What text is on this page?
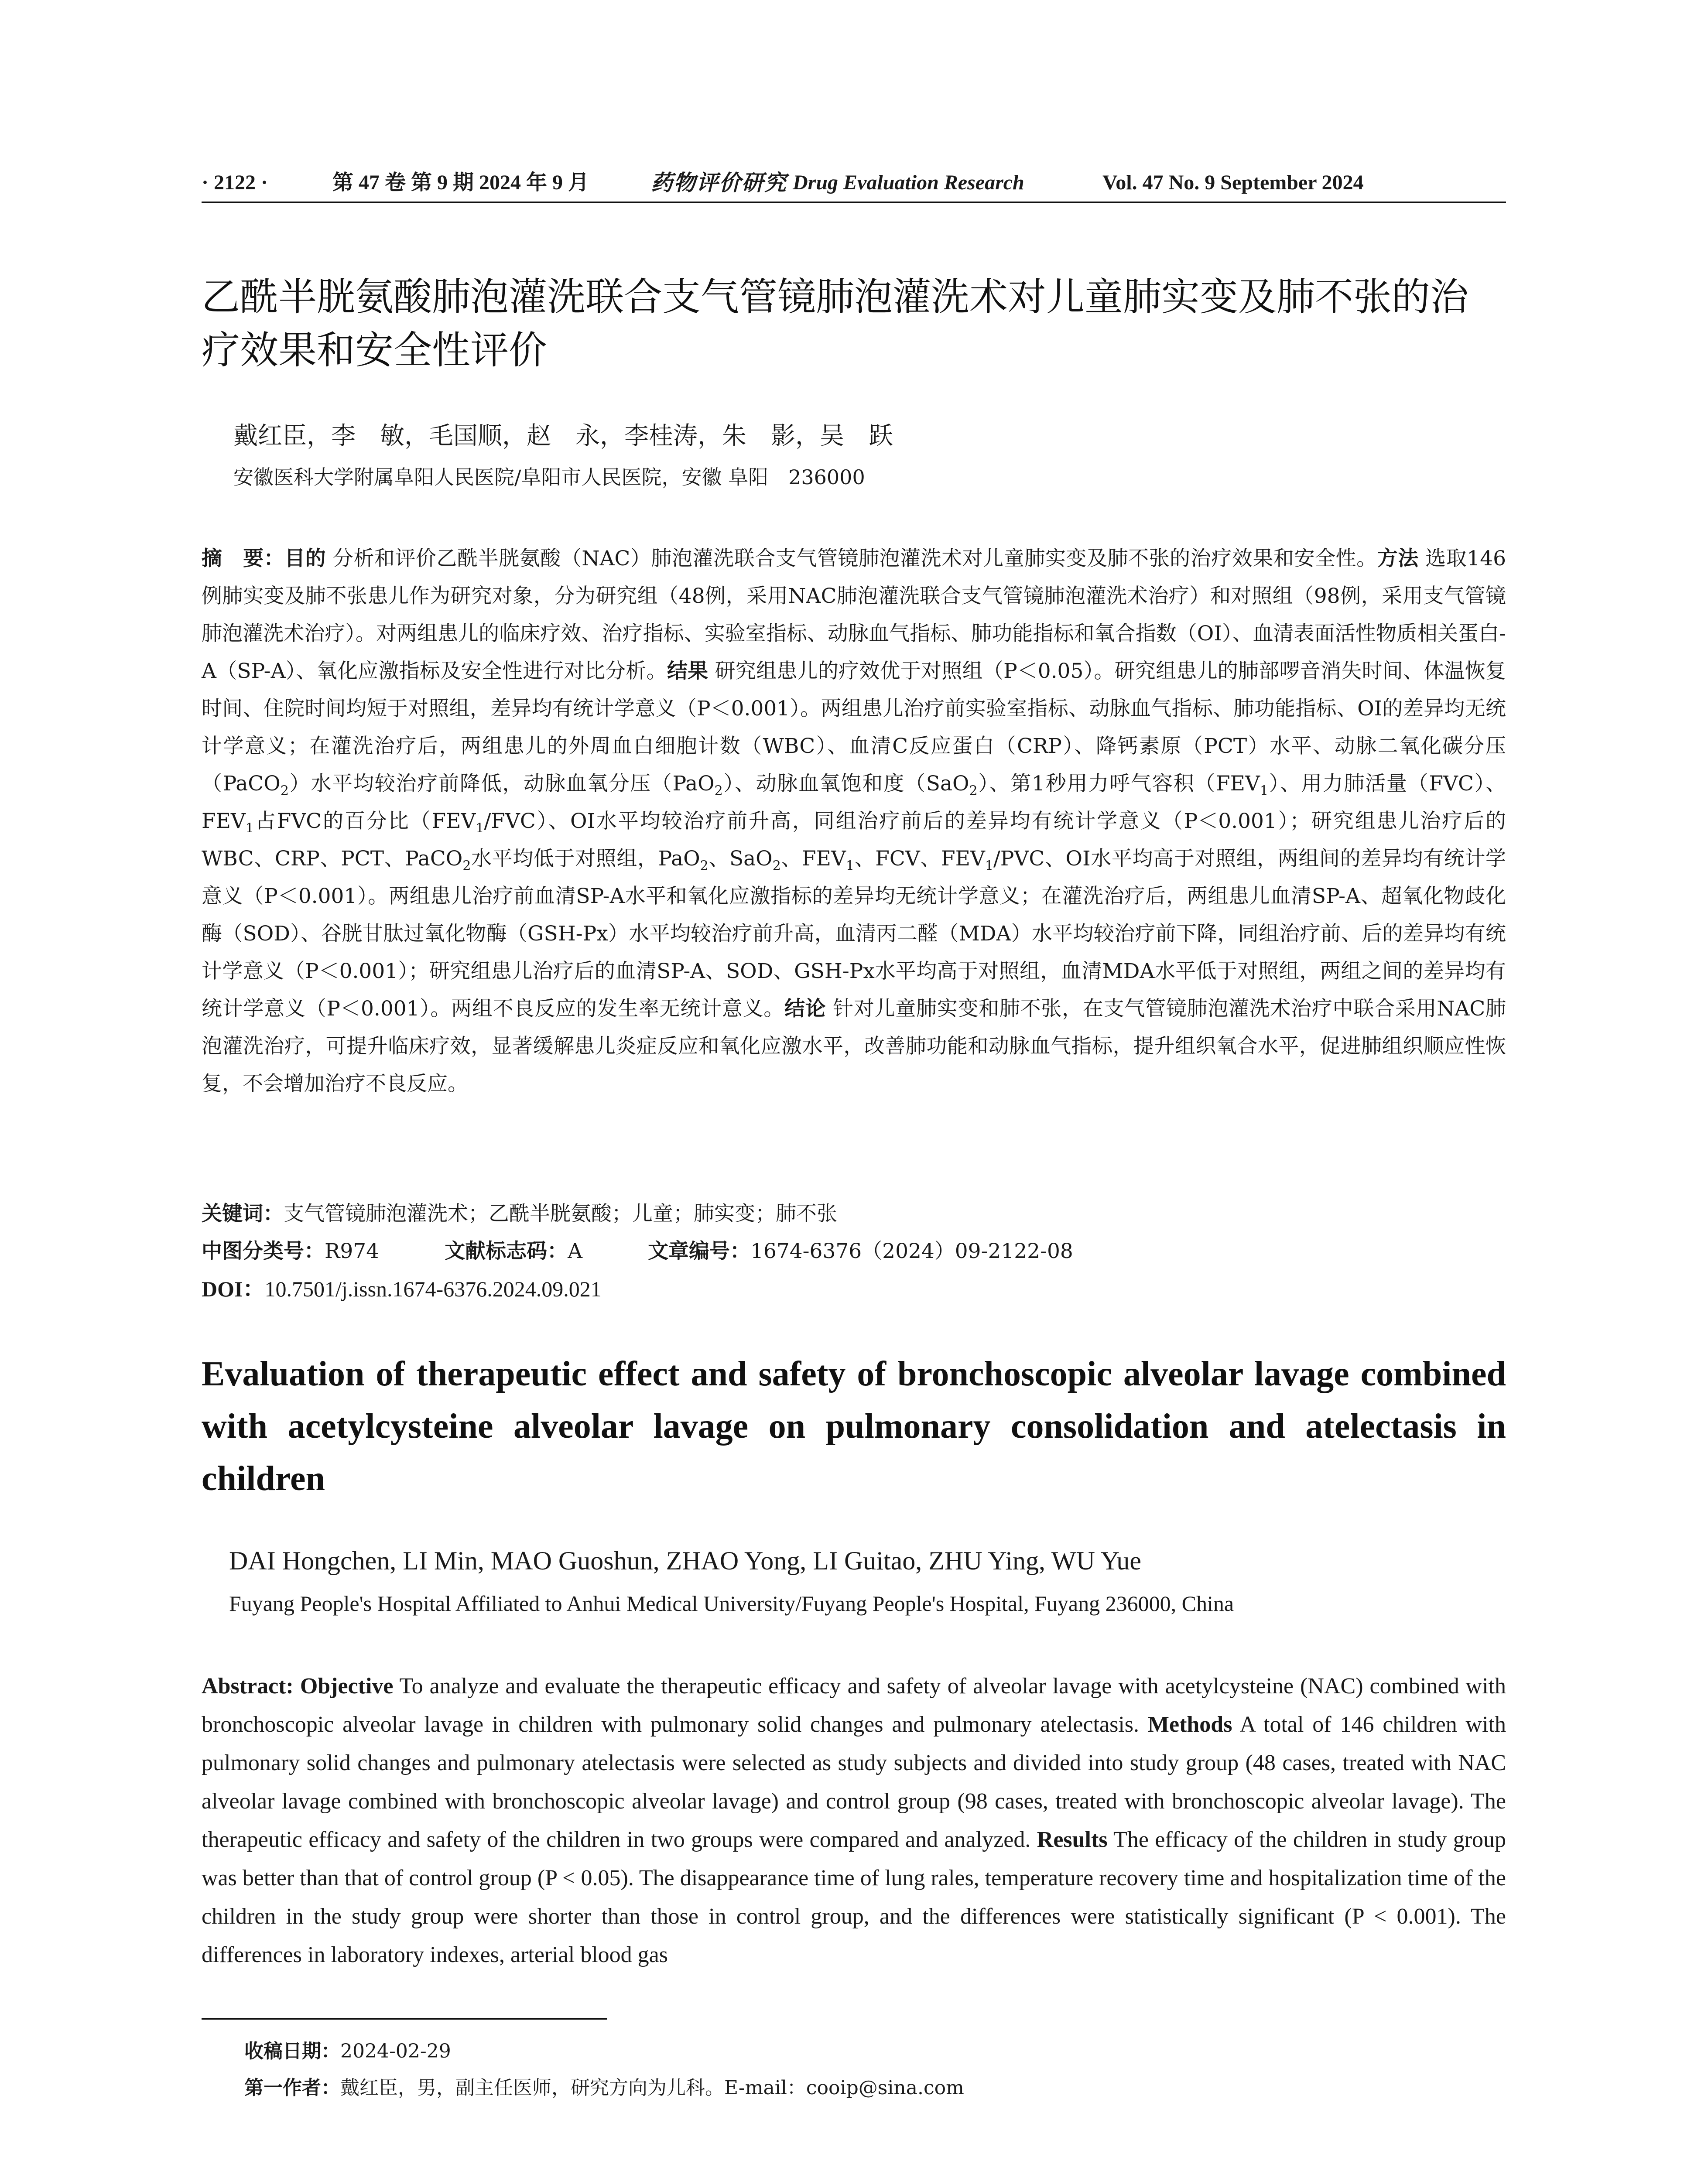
· 2122 ·	第 47 卷 第 9 期 2024 年 9 月	药物评价研究 Drug Evaluation Research	Vol. 47 No. 9 September 2024
乙酰半胱氨酸肺泡灌洗联合支气管镜肺泡灌洗术对儿童肺实变及肺不张的治疗效果和安全性评价
戴红臣，李　敏，毛国顺，赵　永，李桂涛，朱　影，吴　跃
安徽医科大学附属阜阳人民医院/阜阳市人民医院，安徽 阜阳　236000
摘　要：目的 分析和评价乙酰半胱氨酸（NAC）肺泡灌洗联合支气管镜肺泡灌洗术对儿童肺实变及肺不张的治疗效果和安全性。方法 选取146例肺实变及肺不张患儿作为研究对象，分为研究组（48例，采用NAC肺泡灌洗联合支气管镜肺泡灌洗术治疗）和对照组（98例，采用支气管镜肺泡灌洗术治疗）。对两组患儿的临床疗效、治疗指标、实验室指标、动脉血气指标、肺功能指标和氧合指数（OI）、血清表面活性物质相关蛋白-A（SP-A）、氧化应激指标及安全性进行对比分析。结果 研究组患儿的疗效优于对照组（P＜0.05）。研究组患儿的肺部啰音消失时间、体温恢复时间、住院时间均短于对照组，差异均有统计学意义（P＜0.001）。两组患儿治疗前实验室指标、动脉血气指标、肺功能指标、OI的差异均无统计学意义；在灌洗治疗后，两组患儿的外周血白细胞计数（WBC）、血清C反应蛋白（CRP）、降钙素原（PCT）水平、动脉二氧化碳分压（PaCO$_2$）水平均较治疗前降低，动脉血氧分压（PaO$_2$）、动脉血氧饱和度（SaO$_2$）、第1秒用力呼气容积$(FEV_1)$、用力肺活量（FVC）、$FEV_1$占FVC的百分比$(FEV_1/FVC)$、OI水平均较治疗前升高，同组治疗前后的差异均有统计学意义（P＜0.001）；研究组患儿治疗后的WBC、CRP、PCT、PaCO$_2$水平均低于对照组，PaO$_2$、SaO$_2$、$FEV_1$、FCV、$FEV_1$/PVC、OI水平均高于对照组，两组间的差异均有统计学意义（P＜0.001）。两组患儿治疗前血清SP-A水平和氧化应激指标的差异均无统计学意义；在灌洗治疗后，两组患儿血清SP-A、超氧化物歧化酶（SOD）、谷胱甘肽过氧化物酶（GSH-Px）水平均较治疗前升高，血清丙二醛（MDA）水平均较治疗前下降，同组治疗前、后的差异均有统计学意义（P＜0.001）；研究组患儿治疗后的血清SP-A、SOD、GSH-Px水平均高于对照组，血清MDA水平低于对照组，两组之间的差异均有统计学意义（P＜0.001）。两组不良反应的发生率无统计意义。结论 针对儿童肺实变和肺不张，在支气管镜肺泡灌洗术治疗中联合采用NAC肺泡灌洗治疗，可提升临床疗效，显著缓解患儿炎症反应和氧化应激水平，改善肺功能和动脉血气指标，提升组织氧合水平，促进肺组织顺应性恢复，不会增加治疗不良反应。
关键词：支气管镜肺泡灌洗术；乙酰半胱氨酸；儿童；肺实变；肺不张
中图分类号：R974	文献标志码：A	文章编号：1674-6376（2024）09-2122-08
DOI：10.7501/j.issn.1674-6376.2024.09.021
Evaluation of therapeutic effect and safety of bronchoscopic alveolar lavage combined with acetylcysteine alveolar lavage on pulmonary consolidation and atelectasis in children
DAI Hongchen, LI Min, MAO Guoshun, ZHAO Yong, LI Guitao, ZHU Ying, WU Yue
Fuyang People's Hospital Affiliated to Anhui Medical University/Fuyang People's Hospital, Fuyang 236000, China
Abstract: Objective To analyze and evaluate the therapeutic efficacy and safety of alveolar lavage with acetylcysteine (NAC) combined with bronchoscopic alveolar lavage in children with pulmonary solid changes and pulmonary atelectasis. Methods A total of 146 children with pulmonary solid changes and pulmonary atelectasis were selected as study subjects and divided into study group (48 cases, treated with NAC alveolar lavage combined with bronchoscopic alveolar lavage) and control group (98 cases, treated with bronchoscopic alveolar lavage). The therapeutic efficacy and safety of the children in two groups were compared and analyzed. Results The efficacy of the children in study group was better than that of control group (P < 0.05). The disappearance time of lung rales, temperature recovery time and hospitalization time of the children in the study group were shorter than those in control group, and the differences were statistically significant (P < 0.001). The differences in laboratory indexes, arterial blood gas
收稿日期：2024-02-29
第一作者：戴红臣，男，副主任医师，研究方向为儿科。E-mail：cooip@sina.com
